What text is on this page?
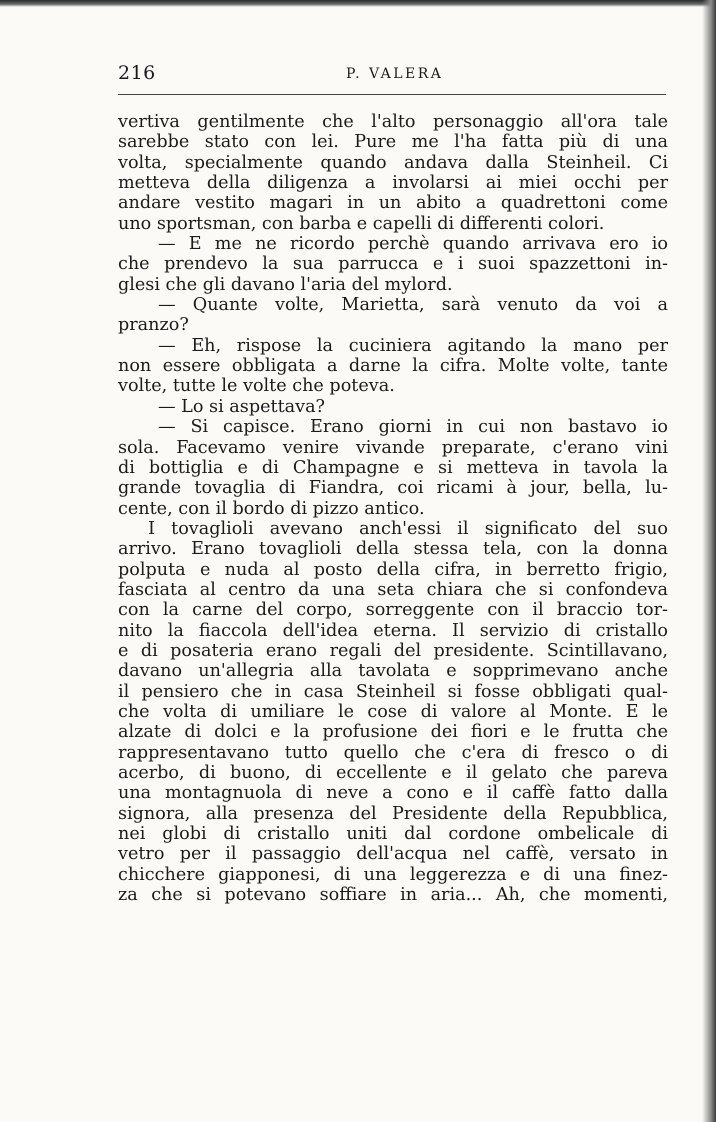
216	P. VALERA
vertiva gentilmente che l'alto personaggio all'ora tale
sarebbe stato con lei. Pure me l'ha fatta più di una
volta, specialmente quando andava dalla Steinheil. Ci
metteva della diligenza a involarsi ai miei occhi per
andare vestito magari in un abito a quadrettoni come
uno sportsman, con barba e capelli di differenti colori.
— E me ne ricordo perchè quando arrivava ero io
che prendevo la sua parrucca e i suoi spazzettoni in-
glesi che gli davano l'aria del mylord.
— Quante volte, Marietta, sarà venuto da voi a
pranzo?
— Eh, rispose la cuciniera agitando la mano per
non essere obbligata a darne la cifra. Molte volte, tante
volte, tutte le volte che poteva.
— Lo si aspettava?
— Si capisce. Erano giorni in cui non bastavo io
sola. Facevamo venire vivande preparate, c'erano vini
di bottiglia e di Champagne e si metteva in tavola la
grande tovaglia di Fiandra, coi ricami à jour, bella, lu-
cente, con il bordo di pizzo antico.
I tovaglioli avevano anch'essi il significato del suo
arrivo. Erano tovaglioli della stessa tela, con la donna
polputa e nuda al posto della cifra, in berretto frigio,
fasciata al centro da una seta chiara che si confondeva
con la carne del corpo, sorreggente con il braccio tor-
nito la fiaccola dell'idea eterna. Il servizio di cristallo
e di posateria erano regali del presidente. Scintillavano,
davano un'allegria alla tavolata e sopprimevano anche
il pensiero che in casa Steinheil si fosse obbligati qual-
che volta di umiliare le cose di valore al Monte. E le
alzate di dolci e la profusione dei fiori e le frutta che
rappresentavano tutto quello che c'era di fresco o di
acerbo, di buono, di eccellente e il gelato che pareva
una montagnuola di neve a cono e il caffè fatto dalla
signora, alla presenza del Presidente della Repubblica,
nei globi di cristallo uniti dal cordone ombelicale di
vetro per il passaggio dell'acqua nel caffè, versato in
chicchere giapponesi, di una leggerezza e di una finez-
za che si potevano soffiare in aria... Ah, che momenti,
